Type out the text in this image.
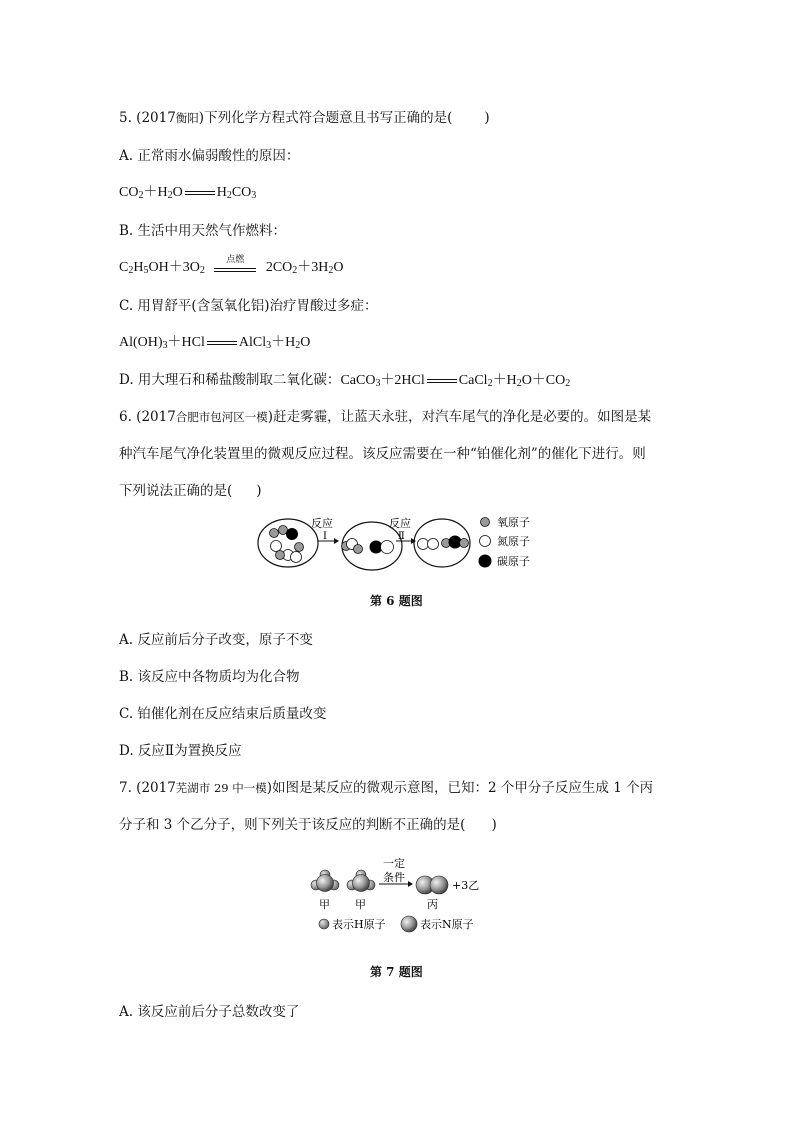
5. (2017衡阳)下列化学方程式符合题意且书写正确的是( )
A. 正常雨水偏弱酸性的原因：
$CO_2+H_2O$ $H_2CO_3$
B. 生活中用天然气作燃料：
$C_2H_5OH+3O_2$
点燃
$2CO_2+3H_2O$
C. 用胃舒平(含氢氧化铝)治疗胃酸过多症：
$Al(OH)_3+HCl$ $AlCl_3+H_2O$
D. 用大理石和稀盐酸制取二氧化碳：CaCO$_3$＋2HCl $CaCl_2+H_2O+CO_2$
6. (2017合肥市包河区一模)赶走雾霾，让蓝天永驻，对汽车尾气的净化是必要的。如图是某
种汽车尾气净化装置里的微观反应过程。该反应需要在一种“铂催化剂”的催化下进行。则
下列说法正确的是( )
反应
Ⅰ
反应
Ⅱ
氧原子
氮原子
碳原子
第 6 题图
A. 反应前后分子改变，原子不变
B. 该反应中各物质均为化合物
C. 铂催化剂在反应结束后质量改变
D. 反应Ⅱ为置换反应
7. (2017芜湖市 29 中一模)如图是某反应的微观示意图，已知：2 个甲分子反应生成 1 个丙
分子和 3 个乙分子，则下列关于该反应的判断不正确的是( )
甲 甲
一定
条件
丙
+3乙
表示H原子	表示N原子
第 7 题图
A. 该反应前后分子总数改变了
